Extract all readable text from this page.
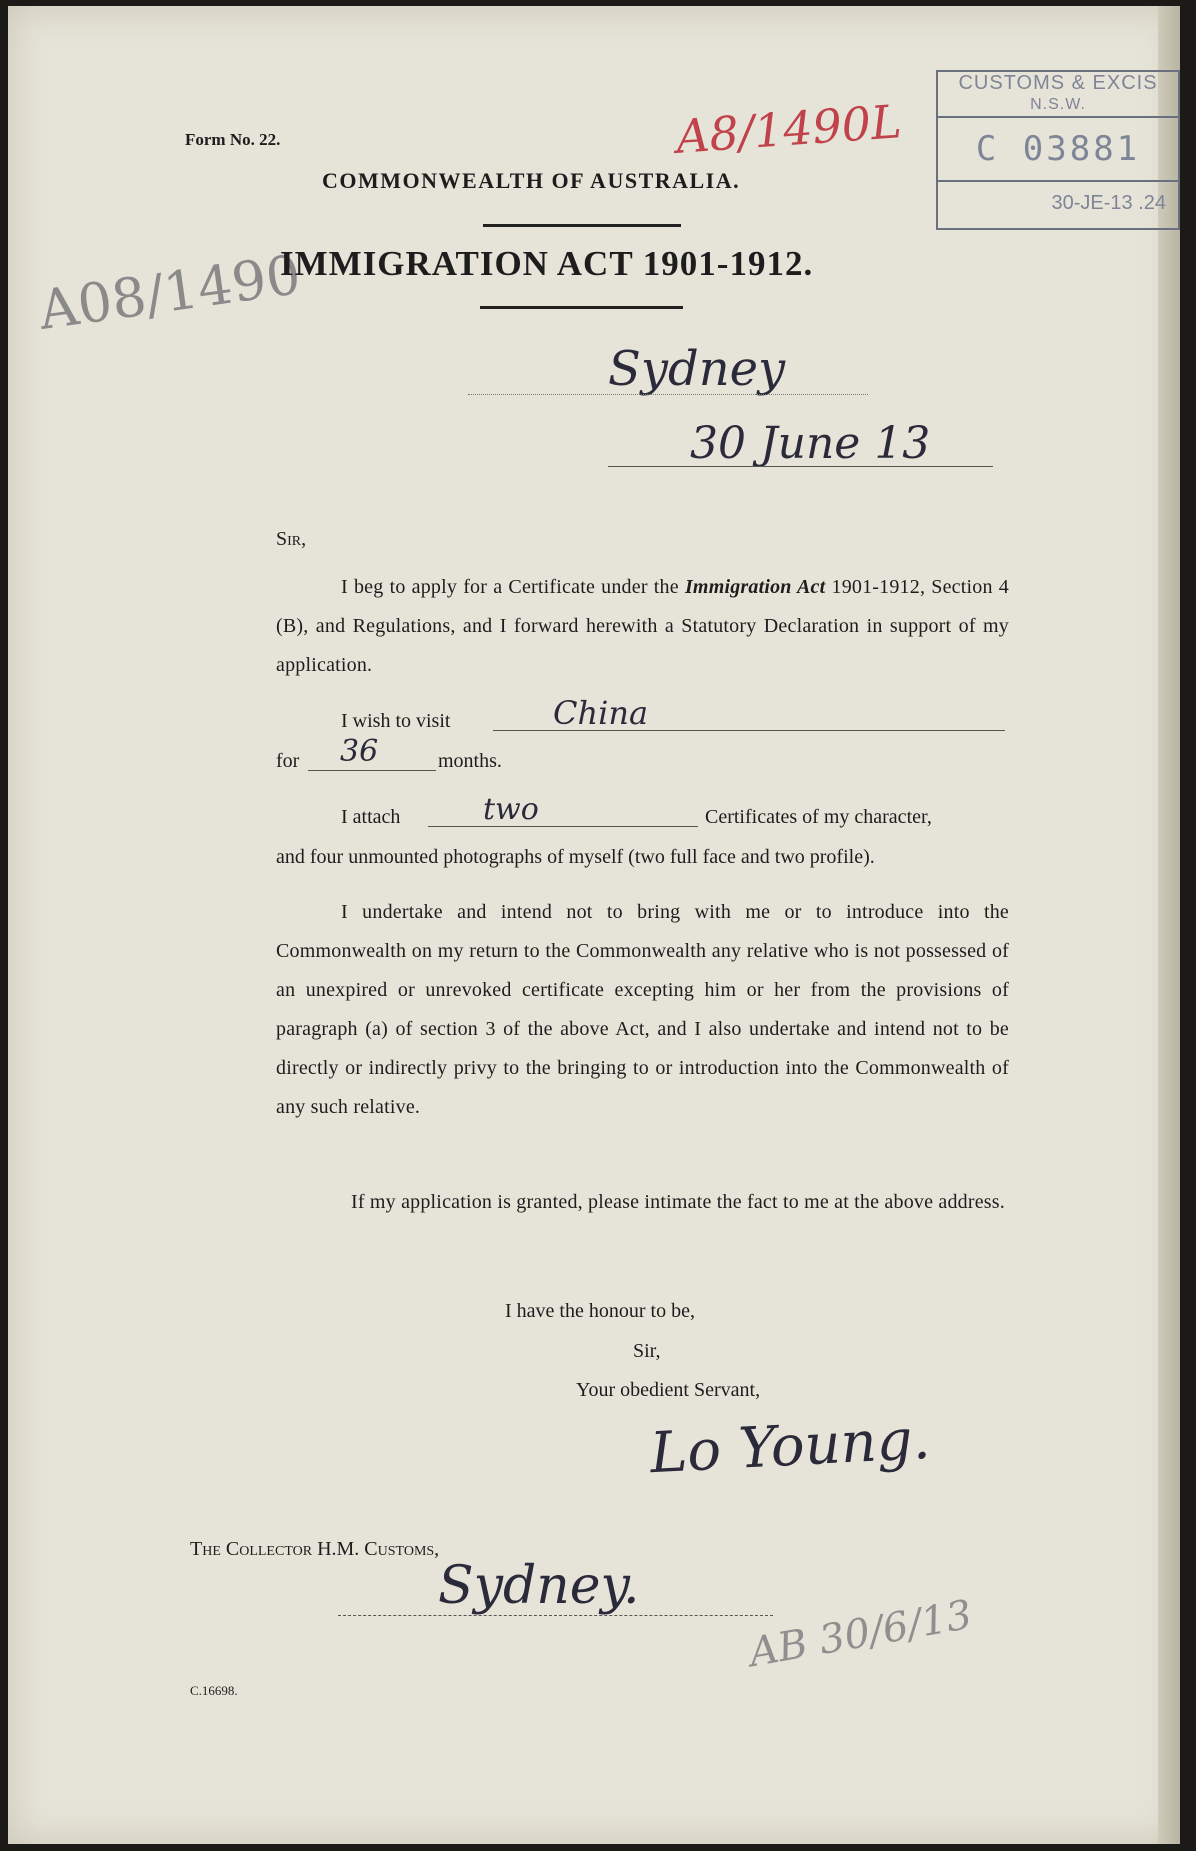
A08/1490
Form No. 22.	A8/1490L
CUSTOMS & EXCIS
N.S.W.
C 03881
30-JE-13 .24
COMMONWEALTH OF AUSTRALIA.
IMMIGRATION ACT 1901-1912.
Sydney
30 June 13
Sir,
I beg to apply for a Certificate under the Immigration Act 1901-1912, Section 4 (B), and Regulations, and I forward herewith a Statutory Declaration in support of my application.
I wish to visit	China
for 36	months.
I attach	two	Certificates of my character,
and four unmounted photographs of myself (two full face and two profile).
I undertake and intend not to bring with me or to introduce into the Commonwealth on my return to the Commonwealth any relative who is not possessed of an unexpired or unrevoked certificate excepting him or her from the provisions of paragraph (a) of section 3 of the above Act, and I also undertake and intend not to be directly or indirectly privy to the bringing to or introduction into the Commonwealth of any such relative.
If my application is granted, please intimate the fact to me at the above address.
I have the honour to be,
Sir,
Your obedient Servant,
Lo Young.
The Collector H.M. Customs,
Sydney.
AB 30/6/13
C.16698.
